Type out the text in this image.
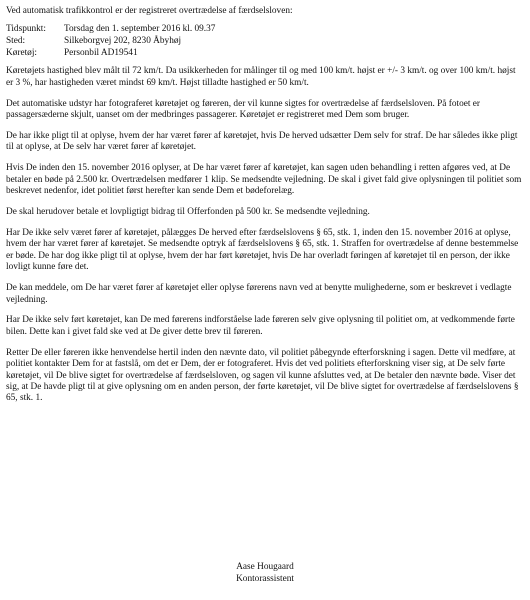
Ved automatisk trafikkontrol er der registreret overtrædelse af færdselsloven:
Tidspunkt:	Torsdag den 1. september 2016 kl. 09.37
Sted:	Silkeborgvej 202, 8230 Åbyhøj
Køretøj:	Personbil AD19541

Køretøjets hastighed blev målt til 72 km/t. Da usikkerheden for målinger til og med 100 km/t. højst er +/- 3 km/t. og over 100 km/t. højst er 3 %, har hastigheden været mindst 69 km/t. Højst tilladte hastighed er 50 km/t.

Det automatiske udstyr har fotograferet køretøjet og føreren, der vil kunne sigtes for overtrædelse af færdselsloven. På fotoet er passagersæderne skjult, uanset om der medbringes passagerer. Køretøjet er registreret med Dem som bruger.

De har ikke pligt til at oplyse, hvem der har været fører af køretøjet, hvis De herved udsætter Dem selv for straf. De har således ikke pligt til at oplyse, at De selv har været fører af køretøjet.

Hvis De inden den 15. november 2016 oplyser, at De har været fører af køretøjet, kan sagen uden behandling i retten afgøres ved, at De betaler en bøde på 2.500 kr. Overtrædelsen medfører 1 klip. Se medsendte vejledning. De skal i givet fald give oplysningen til politiet som beskrevet nedenfor, idet politiet først herefter kan sende Dem et bødeforelæg.

De skal herudover betale et lovpligtigt bidrag til Offerfonden på 500 kr. Se medsendte vejledning.

Har De ikke selv været fører af køretøjet, pålægges De herved efter færdselslovens § 65, stk. 1, inden den 15. november 2016 at oplyse, hvem der har været fører af køretøjet. Se medsendte optryk af færdselslovens § 65, stk. 1. Straffen for overtrædelse af denne bestemmelse er bøde. De har dog ikke pligt til at oplyse, hvem der har ført køretøjet, hvis De har overladt føringen af køretøjet til en person, der ikke lovligt kunne føre det.

De kan meddele, om De har været fører af køretøjet eller oplyse førerens navn ved at benytte mulighederne, som er beskrevet i vedlagte vejledning.

Har De ikke selv ført køretøjet, kan De med førerens indforståelse lade føreren selv give oplysning til politiet om, at vedkommende førte bilen. Dette kan i givet fald ske ved at De giver dette brev til føreren.

Retter De eller føreren ikke henvendelse hertil inden den nævnte dato, vil politiet påbegynde efterforskning i sagen. Dette vil medføre, at politiet kontakter Dem for at fastslå, om det er Dem, der er fotograferet. Hvis det ved politiets efterforskning viser sig, at De selv førte køretøjet, vil De blive sigtet for overtrædelse af færdselsloven, og sagen vil kunne afsluttes ved, at De betaler den nævnte bøde. Viser det sig, at De havde pligt til at give oplysning om en anden person, der førte køretøjet, vil De blive sigtet for overtrædelse af færdselslovens § 65, stk. 1.

Aase Hougaard
Kontorassistent
